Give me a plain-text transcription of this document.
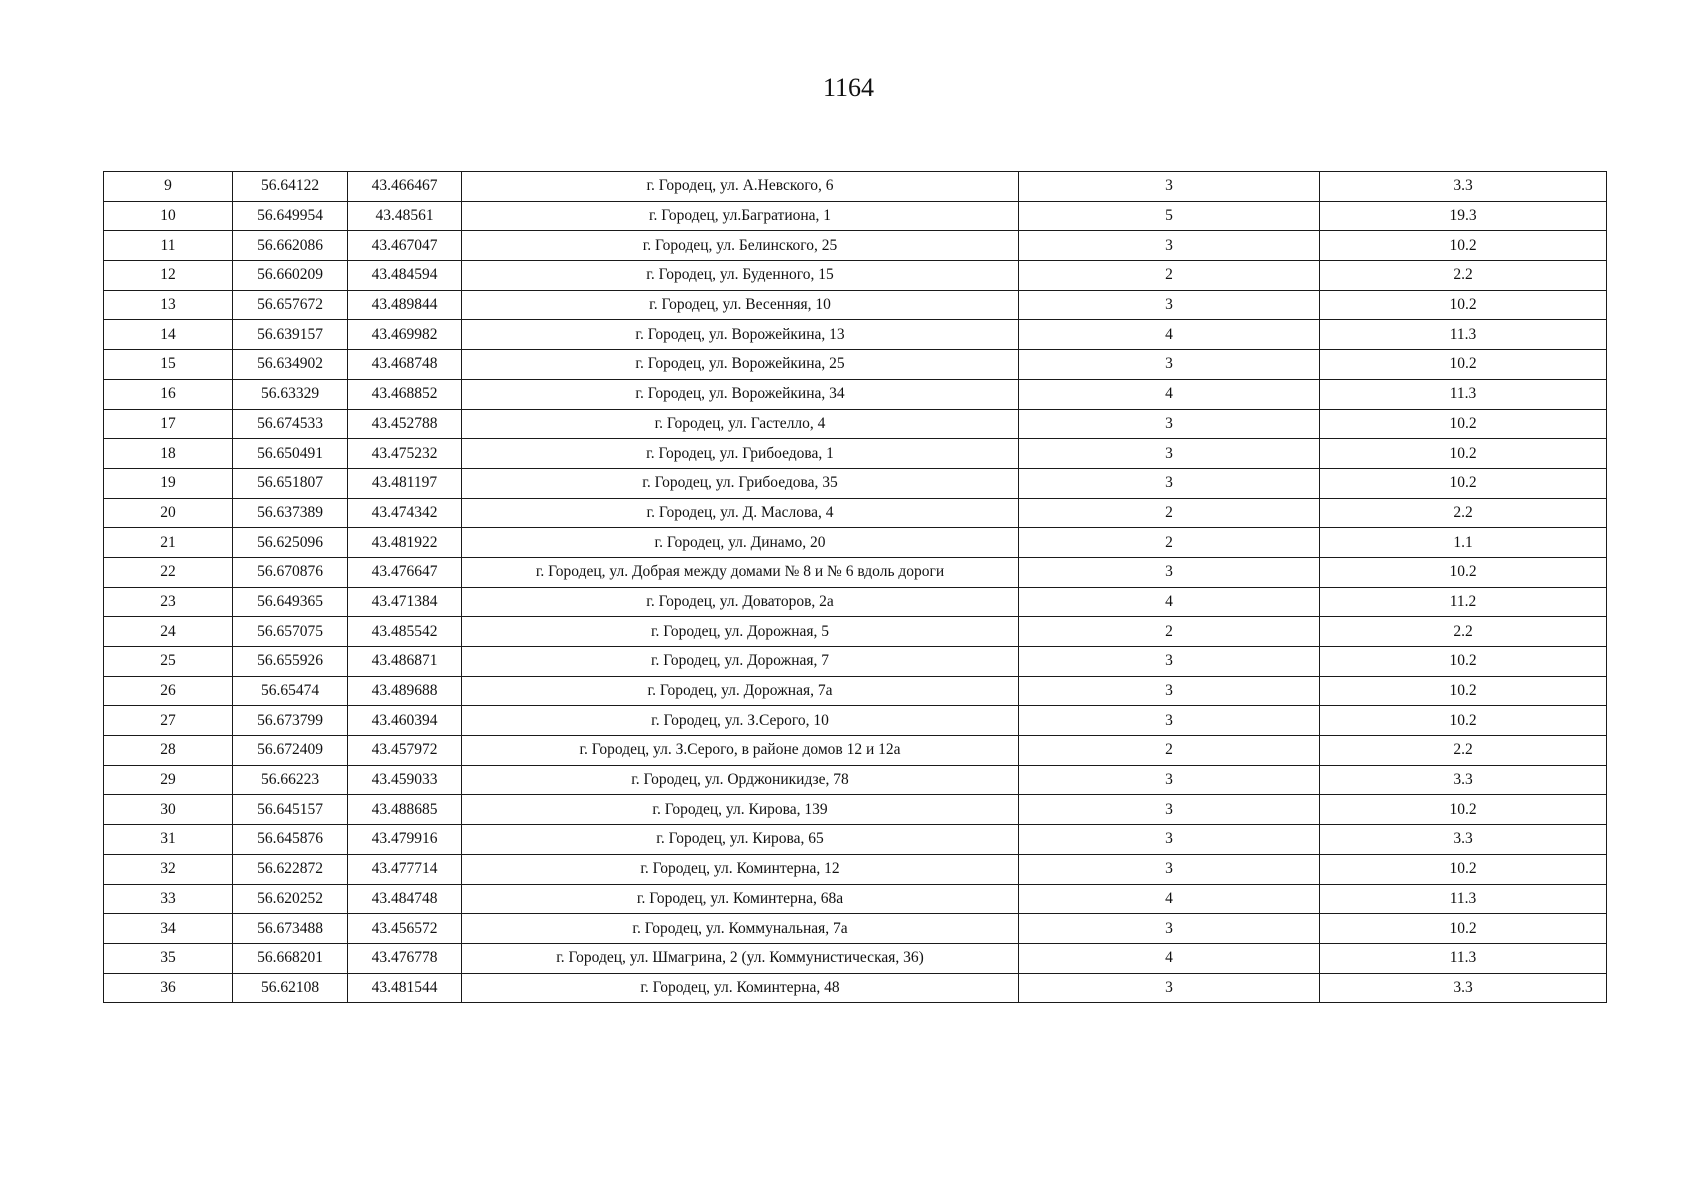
1164
9	56.64122	43.466467	г. Городец, ул. А.Невского, 6	3	3.3
10	56.649954	43.48561	г. Городец, ул.Багратиона, 1	5	19.3
11	56.662086	43.467047	г. Городец, ул. Белинского, 25	3	10.2
12	56.660209	43.484594	г. Городец, ул. Буденного, 15	2	2.2
13	56.657672	43.489844	г. Городец, ул. Весенняя, 10	3	10.2
14	56.639157	43.469982	г. Городец, ул. Ворожейкина, 13	4	11.3
15	56.634902	43.468748	г. Городец, ул. Ворожейкина, 25	3	10.2
16	56.63329	43.468852	г. Городец, ул. Ворожейкина, 34	4	11.3
17	56.674533	43.452788	г. Городец, ул. Гастелло, 4	3	10.2
18	56.650491	43.475232	г. Городец, ул. Грибоедова, 1	3	10.2
19	56.651807	43.481197	г. Городец, ул. Грибоедова, 35	3	10.2
20	56.637389	43.474342	г. Городец, ул. Д. Маслова, 4	2	2.2
21	56.625096	43.481922	г. Городец, ул. Динамо, 20	2	1.1
22	56.670876	43.476647	г. Городец, ул. Добрая между домами № 8 и № 6 вдоль дороги	3	10.2
23	56.649365	43.471384	г. Городец, ул. Доваторов, 2а	4	11.2
24	56.657075	43.485542	г. Городец, ул. Дорожная, 5	2	2.2
25	56.655926	43.486871	г. Городец, ул. Дорожная, 7	3	10.2
26	56.65474	43.489688	г. Городец, ул. Дорожная, 7а	3	10.2
27	56.673799	43.460394	г. Городец, ул. З.Серого, 10	3	10.2
28	56.672409	43.457972	г. Городец, ул. З.Серого, в районе домов 12 и 12а	2	2.2
29	56.66223	43.459033	г. Городец, ул. Орджоникидзе, 78	3	3.3
30	56.645157	43.488685	г. Городец, ул. Кирова, 139	3	10.2
31	56.645876	43.479916	г. Городец, ул. Кирова, 65	3	3.3
32	56.622872	43.477714	г. Городец, ул. Коминтерна, 12	3	10.2
33	56.620252	43.484748	г. Городец, ул. Коминтерна, 68а	4	11.3
34	56.673488	43.456572	г. Городец, ул. Коммунальная, 7а	3	10.2
35	56.668201	43.476778	г. Городец, ул. Шмагрина, 2 (ул. Коммунистическая, 36)	4	11.3
36	56.62108	43.481544	г. Городец, ул. Коминтерна, 48	3	3.3
